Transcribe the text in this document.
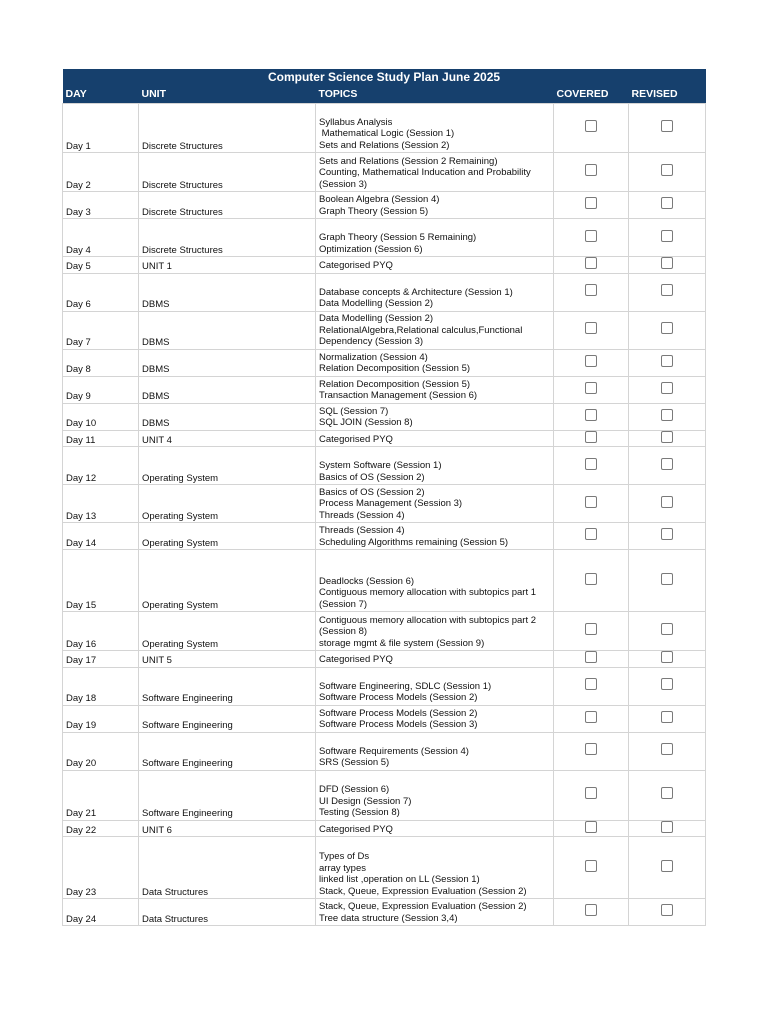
Computer Science Study Plan June 2025				
DAY	UNIT	TOPICS	COVERED	REVISED
Day 1	Discrete Structures	Syllabus Analysis
Mathematical Logic (Session 1)
Sets and Relations (Session 2)		

Day 2	Discrete Structures	Sets and Relations (Session 2 Remaining)
Counting, Mathematical Inducation and Probability
(Session 3)		

Day 3	Discrete Structures	Boolean Algebra (Session 4)
Graph Theory (Session 5)		

Day 4	Discrete Structures	Graph Theory (Session 5 Remaining)
Optimization (Session 6)		

Day 5	UNIT 1	Categorised PYQ		

Day 6	DBMS	Database concepts & Architecture (Session 1)
Data Modelling (Session 2)		

Day 7	DBMS	Data Modelling (Session 2)
RelationalAlgebra,Relational calculus,Functional
Dependency (Session 3)		

Day 8	DBMS	Normalization (Session 4)
Relation Decomposition (Session 5)		

Day 9	DBMS	Relation Decomposition (Session 5)
Transaction Management (Session 6)		

Day 10	DBMS	SQL (Session 7)
SQL JOIN (Session 8)		

Day 11	UNIT 4	Categorised PYQ		

Day 12	Operating System	System Software (Session 1)
Basics of OS (Session 2)		

Day 13	Operating System	Basics of OS (Session 2)
Process Management (Session 3)
Threads (Session 4)		

Day 14	Operating System	Threads (Session 4)
Scheduling Algorithms remaining (Session 5)		

Day 15	Operating System	Deadlocks (Session 6)
Contiguous memory allocation with subtopics part 1
(Session 7)		

Day 16	Operating System	Contiguous memory allocation with subtopics part 2
(Session 8)
storage mgmt & file system (Session 9)		

Day 17	UNIT 5	Categorised PYQ		

Day 18	Software Engineering	Software Engineering, SDLC (Session 1)
Software Process Models (Session 2)		

Day 19	Software Engineering	Software Process Models (Session 2)
Software Process Models (Session 3)		

Day 20	Software Engineering	Software Requirements (Session 4)
SRS (Session 5)		

Day 21	Software Engineering	DFD (Session 6)
UI Design (Session 7)
Testing (Session 8)		

Day 22	UNIT 6	Categorised PYQ		

Day 23	Data Structures	Types of Ds
array types
linked list ,operation on LL (Session 1)
Stack, Queue, Expression Evaluation (Session 2)		

Day 24	Data Structures	Stack, Queue, Expression Evaluation (Session 2)
Tree data structure (Session 3,4)		
